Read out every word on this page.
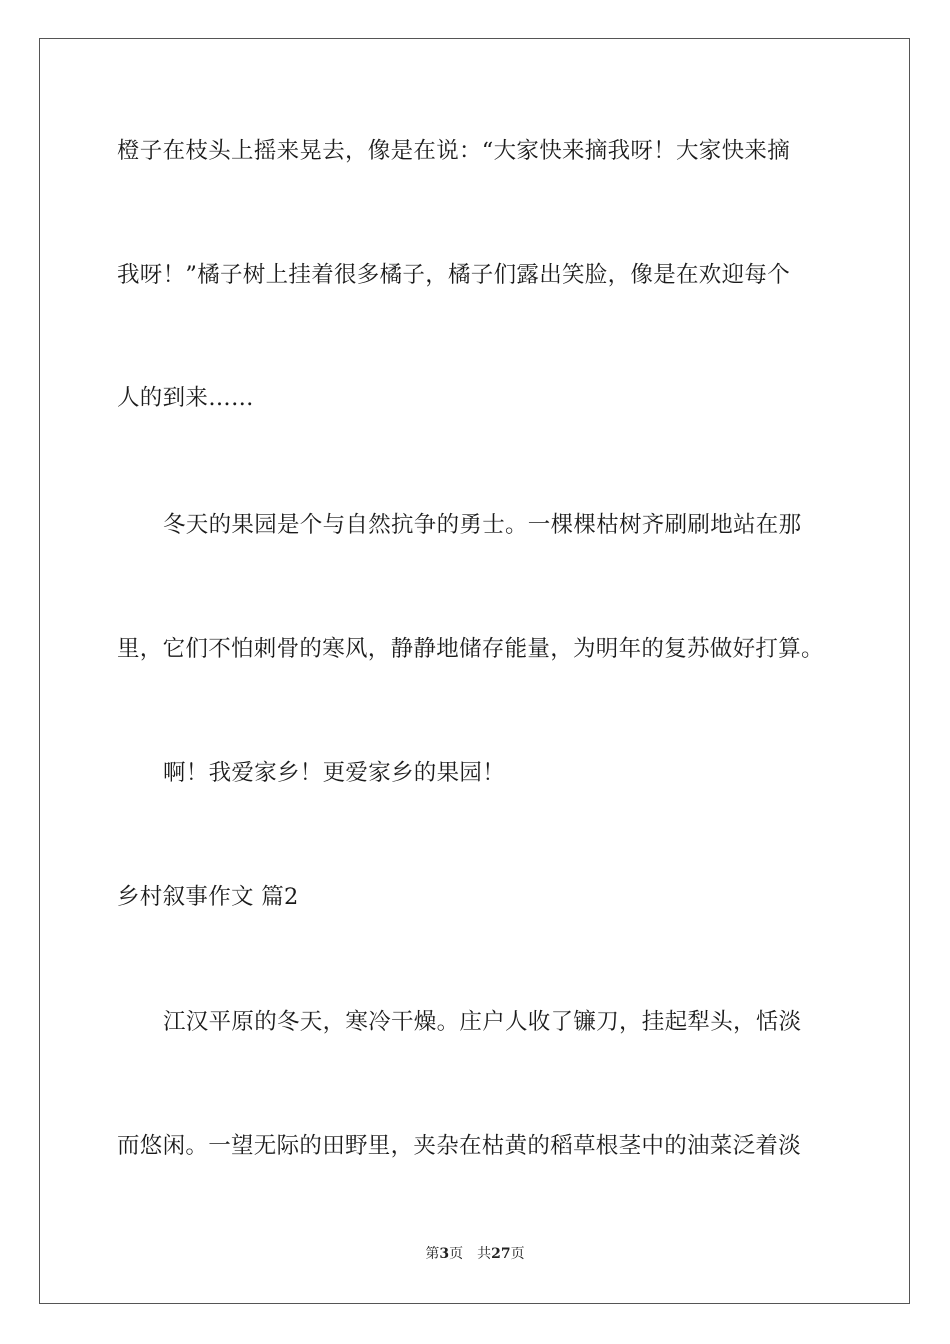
橙子在枝头上摇来晃去，像是在说：“大家快来摘我呀！大家快来摘
我呀！”橘子树上挂着很多橘子，橘子们露出笑脸，像是在欢迎每个
人的到来……
冬天的果园是个与自然抗争的勇士。一棵棵枯树齐刷刷地站在那
里，它们不怕刺骨的寒风，静静地储存能量，为明年的复苏做好打算。
啊！我爱家乡！更爱家乡的果园！
乡村叙事作文 篇2
江汉平原的冬天，寒冷干燥。庄户人收了镰刀，挂起犁头，恬淡
而悠闲。一望无际的田野里，夹杂在枯黄的稻草根茎中的油菜泛着淡
第3页 共27页
